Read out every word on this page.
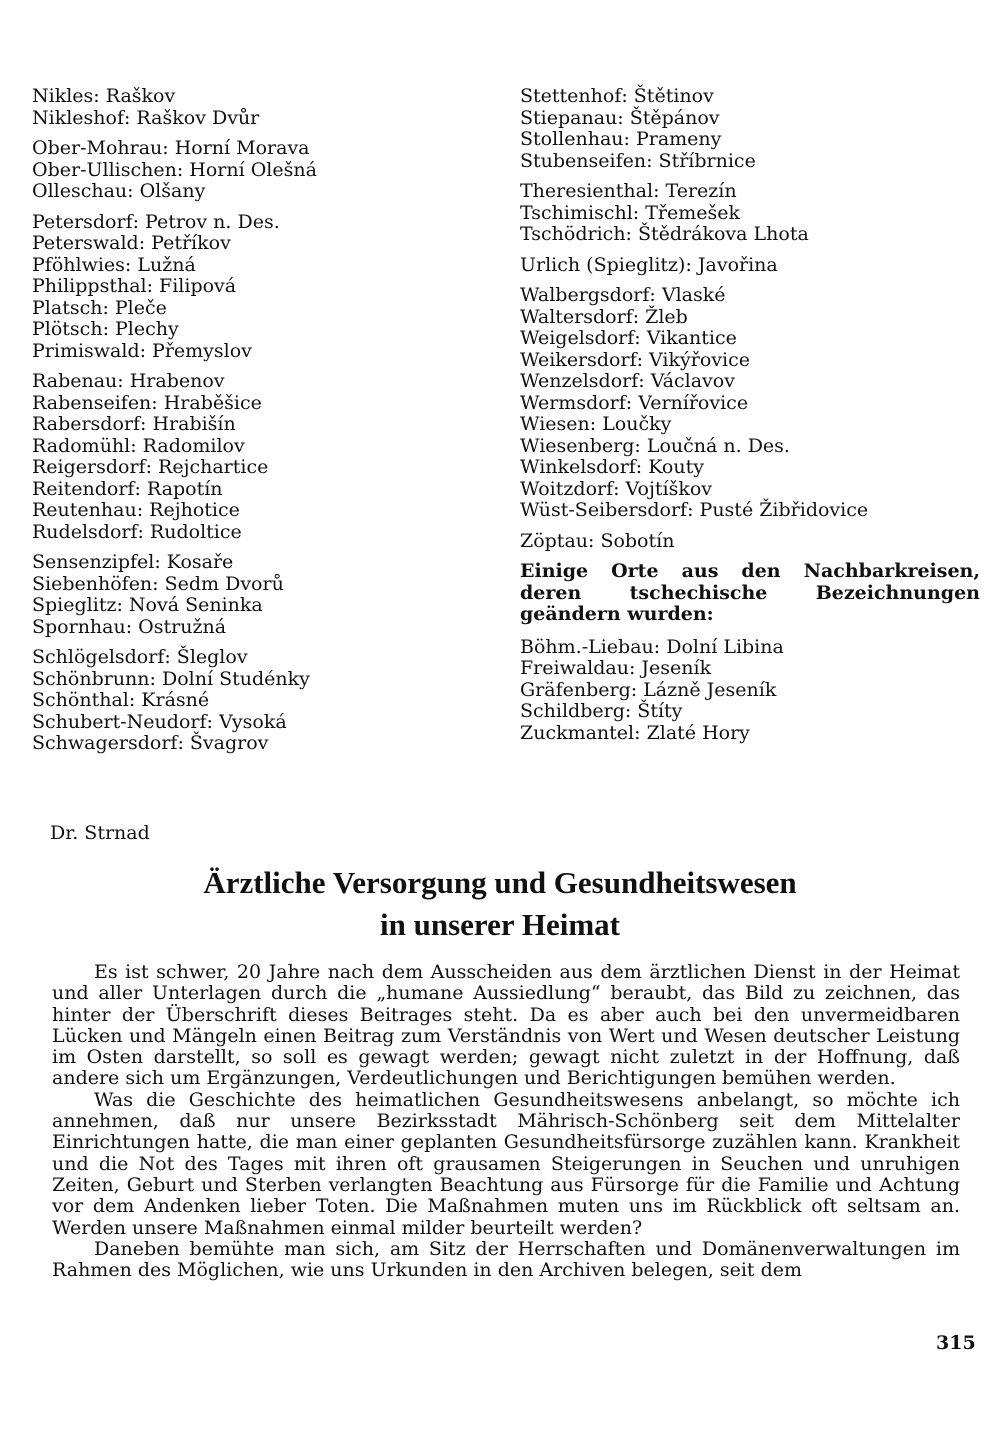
Nikles: Raškov
Nikleshof: Raškov Dvůr
Ober-Mohrau: Horní Morava
Ober-Ullischen: Horní Olešná
Olleschau: Olšany
Petersdorf: Petrov n. Des.
Peterswald: Petříkov
Pföhlwies: Lužná
Philippsthal: Filipová
Platsch: Pleče
Plötsch: Plechy
Primiswald: Přemyslov
Rabenau: Hrabenov
Rabenseifen: Hraběšice
Rabersdorf: Hrabišín
Radomühl: Radomilov
Reigersdorf: Rejchartice
Reitendorf: Rapotín
Reutenhau: Rejhotice
Rudelsdorf: Rudoltice
Sensenzipfel: Kosaře
Siebenhöfen: Sedm Dvorů
Spieglitz: Nová Seninka
Spornhau: Ostružná
Schlögelsdorf: Šleglov
Schönbrunn: Dolní Studénky
Schönthal: Krásné
Schubert-Neudorf: Vysoká
Schwagersdorf: Švagrov
Stettenhof: Štětinov
Stiepanau: Štěpánov
Stollenhau: Prameny
Stubenseifen: Stříbrnice
Theresienthal: Terezín
Tschimischl: Třemešek
Tschödrich: Štědrákova Lhota
Urlich (Spieglitz): Javořina
Walbergsdorf: Vlaské
Waltersdorf: Žleb
Weigelsdorf: Vikantice
Weikersdorf: Vikýřovice
Wenzelsdorf: Václavov
Wermsdorf: Vernířovice
Wiesen: Loučky
Wiesenberg: Loučná n. Des.
Winkelsdorf: Kouty
Woitzdorf: Vojtíškov
Wüst-Seibersdorf: Pusté Žibřidovice
Zöptau: Sobotín
Einige Orte aus den Nachbarkreisen, deren tschechische Bezeichnungen geändern wurden:
Böhm.-Liebau: Dolní Libina
Freiwaldau: Jeseník
Gräfenberg: Lázně Jeseník
Schildberg: Štíty
Zuckmantel: Zlaté Hory
Dr. Strnad
Ärztliche Versorgung und Gesundheitswesen
in unserer Heimat

Es ist schwer, 20 Jahre nach dem Ausscheiden aus dem ärztlichen Dienst in der Heimat und aller Unterlagen durch die „humane Aussiedlung“ beraubt, das Bild zu zeichnen, das hinter der Überschrift dieses Beitrages steht. Da es aber auch bei den unvermeidbaren Lücken und Mängeln einen Beitrag zum Verständnis von Wert und Wesen deutscher Leistung im Osten darstellt, so soll es gewagt werden; gewagt nicht zuletzt in der Hoffnung, daß andere sich um Ergänzungen, Verdeutlichungen und Berichtigungen bemühen werden.

Was die Geschichte des heimatlichen Gesundheitswesens anbelangt, so möchte ich annehmen, daß nur unsere Bezirksstadt Mährisch-Schönberg seit dem Mittelalter Einrichtungen hatte, die man einer geplanten Gesundheitsfürsorge zuzählen kann. Krankheit und die Not des Tages mit ihren oft grausamen Steigerungen in Seuchen und unruhigen Zeiten, Geburt und Sterben verlangten Beachtung aus Fürsorge für die Familie und Achtung vor dem Andenken lieber Toten. Die Maßnahmen muten uns im Rückblick oft seltsam an. Werden unsere Maßnahmen einmal milder beurteilt werden?

Daneben bemühte man sich, am Sitz der Herrschaften und Domänenverwaltungen im Rahmen des Möglichen, wie uns Urkunden in den Archiven belegen, seit dem

315
